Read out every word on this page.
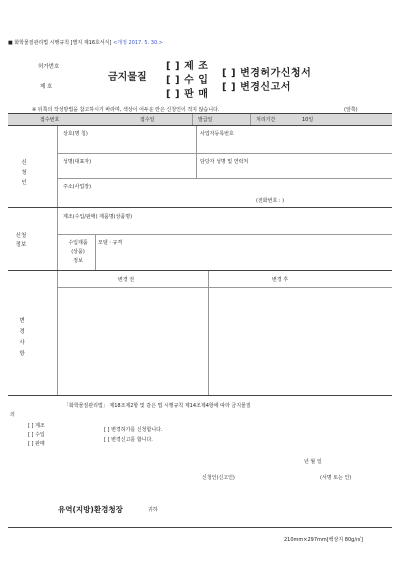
■ 화학물질관리법 시행규칙 [별지 제16호서식] <개정 2017. 5. 30.>
허가번호
제 호
금지물질
[ ] 제 조
[ ] 수 입
[ ] 판 매
[ ] 변경허가신청서
[ ] 변경신고서
※ 뒤쪽의 작성방법을 참고하시기 바라며, 색상이 어두운 란은 신청인이 적지 않습니다.	(앞쪽)
접수번호	접수일	발급일	처리기간	10일
신
청
인
상호(명 칭)	사업자등록번호
성명(대표자)	담당자 성명 및 연락처
주소(사업장)
(전화번호 : )
신청
정보
제조(수입/판매) 제품명(상품명)
수입제품
(상품)
정보
모델ㆍ규격
변
경
사
항
변경 전	변경 후
「화학물질관리법」 제18조제2항 및 같은 법 시행규칙 제14조제4항에 따라 금지물질
의
[ ] 제조
[ ] 수입
[ ] 판매
[ ] 변경허가를 신청합니다.
[ ] 변경신고를 합니다.
년 월 일
신청인(신고인)	(서명 또는 인)
유역(지방)환경청장	귀하
210mm×297mm[백상지 80g/㎡]
